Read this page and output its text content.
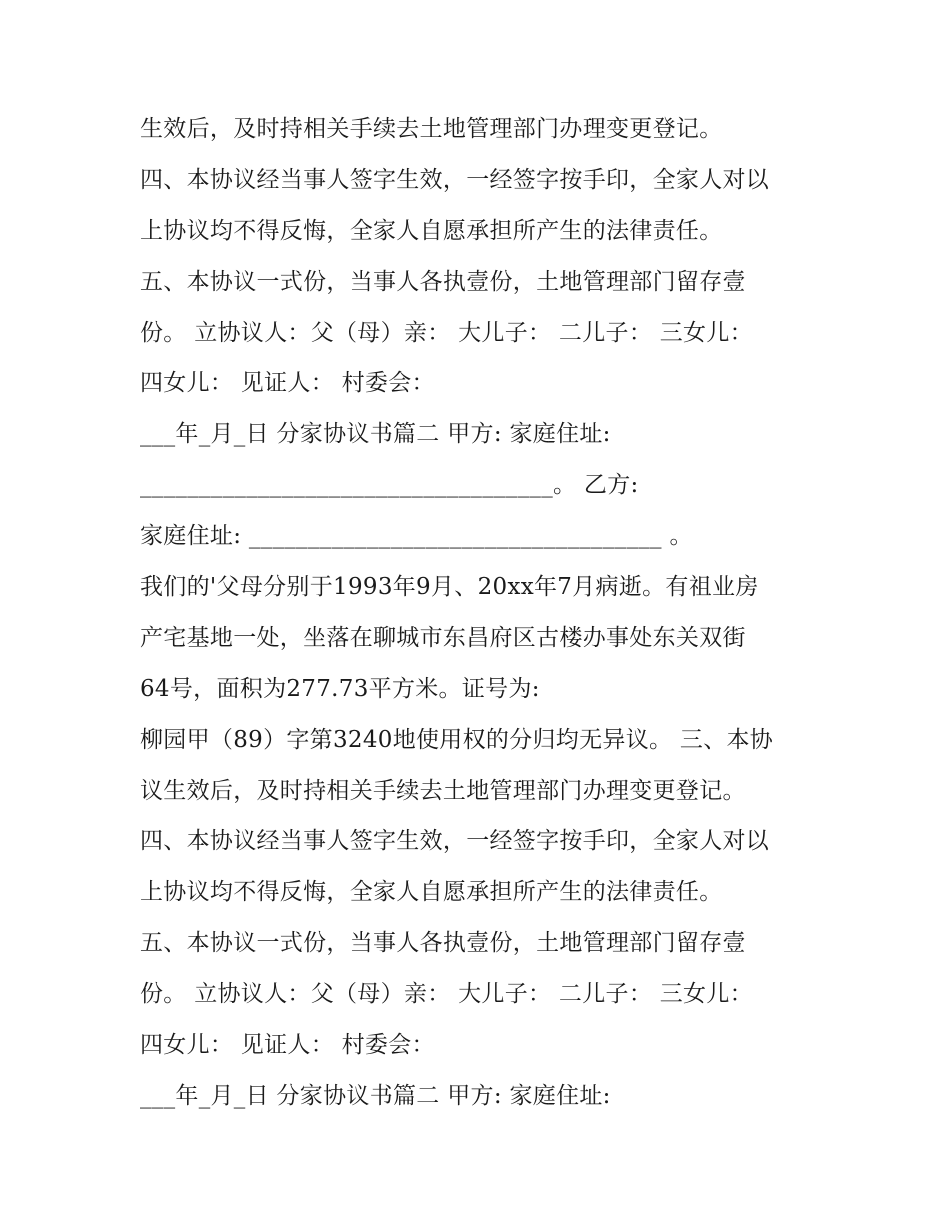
生效后，及时持相关手续去土地管理部门办理变更登记。
四、本协议经当事人签字生效，一经签字按手印，全家人对以
上协议均不得反悔，全家人自愿承担所产生的法律责任。
五、本协议一式份，当事人各执壹份，土地管理部门留存壹
份。 立协议人：父（母）亲： 大儿子： 二儿子： 三女儿：
四女儿： 见证人： 村委会：
___年_月_日 分家协议书篇二 甲方: 家庭住址:
___________________________________。 乙方:
家庭住址: ___________________________________ 。
我们的'父母分别于1993年9月、20xx年7月病逝。有祖业房
产宅基地一处，坐落在聊城市东昌府区古楼办事处东关双街
64号，面积为277.73平方米。证号为:
柳园甲（89）字第3240地使用权的分归均无异议。 三、本协
议生效后，及时持相关手续去土地管理部门办理变更登记。
四、本协议经当事人签字生效，一经签字按手印，全家人对以
上协议均不得反悔，全家人自愿承担所产生的法律责任。
五、本协议一式份，当事人各执壹份，土地管理部门留存壹
份。 立协议人：父（母）亲： 大儿子： 二儿子： 三女儿：
四女儿： 见证人： 村委会：
___年_月_日 分家协议书篇二 甲方: 家庭住址:
